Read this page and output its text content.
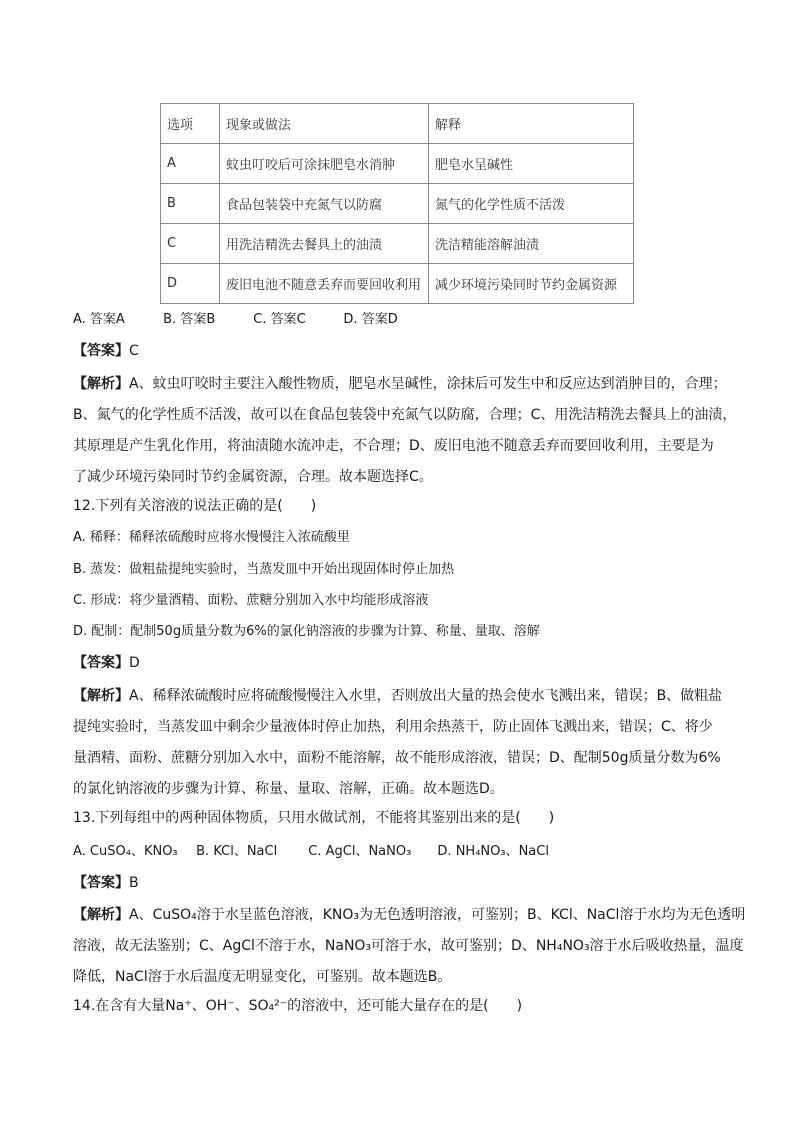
选项	现象或做法	解释
A	蚊虫叮咬后可涂抹肥皂水消肿	肥皂水呈碱性
B	食品包装袋中充氮气以防腐	氮气的化学性质不活泼
C	用洗洁精洗去餐具上的油渍	洗洁精能溶解油渍
D	废旧电池不随意丢弃而要回收利用	减少环境污染同时节约金属资源
A. 答案A	B. 答案B	C. 答案C	D. 答案D
【答案】C
【解析】A、蚊虫叮咬时主要注入酸性物质，肥皂水呈碱性，涂抹后可发生中和反应达到消肿目的，合理；
B、氮气的化学性质不活泼，故可以在食品包装袋中充氮气以防腐，合理；C、用洗洁精洗去餐具上的油渍，
其原理是产生乳化作用，将油渍随水流冲走，不合理；D、废旧电池不随意丢弃而要回收利用，主要是为
了减少环境污染同时节约金属资源，合理。故本题选择C。
12.下列有关溶液的说法正确的是(　　)
A. 稀释：稀释浓硫酸时应将水慢慢注入浓硫酸里
B. 蒸发：做粗盐提纯实验时，当蒸发皿中开始出现固体时停止加热
C. 形成：将少量酒精、面粉、蔗糖分别加入水中均能形成溶液
D. 配制：配制50g质量分数为6%的氯化钠溶液的步骤为计算、称量、量取、溶解
【答案】D
【解析】A、稀释浓硫酸时应将硫酸慢慢注入水里，否则放出大量的热会使水飞溅出来，错误；B、做粗盐
提纯实验时，当蒸发皿中剩余少量液体时停止加热，利用余热蒸干，防止固体飞溅出来，错误；C、将少
量酒精、面粉、蔗糖分别加入水中，面粉不能溶解，故不能形成溶液，错误；D、配制50g质量分数为6%
的氯化钠溶液的步骤为计算、称量、量取、溶解，正确。故本题选D。
13.下列每组中的两种固体物质，只用水做试剂，不能将其鉴别出来的是(　　)
A. CuSO₄、KNO₃ B. KCl、NaCl C. AgCl、NaNO₃ D. NH₄NO₃、NaCl
【答案】B
【解析】A、CuSO₄溶于水呈蓝色溶液，KNO₃为无色透明溶液，可鉴别；B、KCl、NaCl溶于水均为无色透明
溶液，故无法鉴别；C、AgCl不溶于水，NaNO₃可溶于水，故可鉴别；D、NH₄NO₃溶于水后吸收热量，温度
降低，NaCl溶于水后温度无明显变化，可鉴别。故本题选B。
14.在含有大量Na⁺、OH⁻、SO₄²⁻的溶液中，还可能大量存在的是(　　)
